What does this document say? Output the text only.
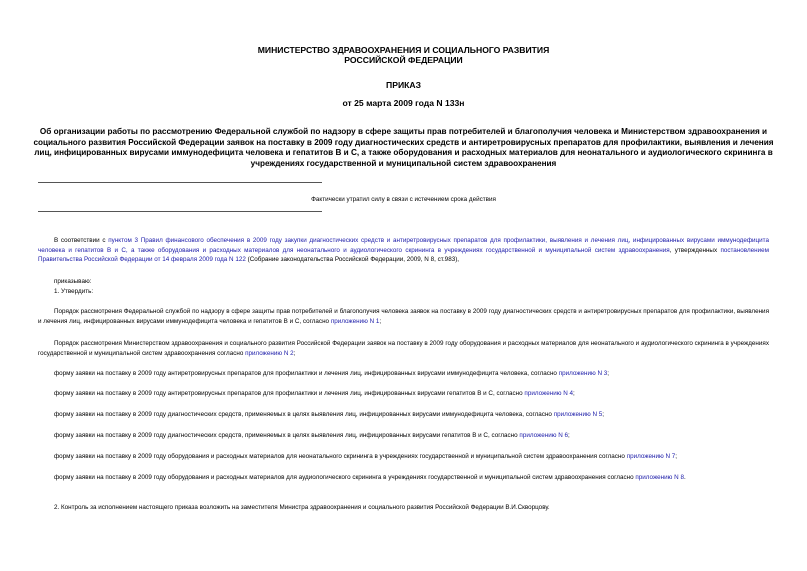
МИНИСТЕРСТВО ЗДРАВООХРАНЕНИЯ И СОЦИАЛЬНОГО РАЗВИТИЯ
РОССИЙСКОЙ ФЕДЕРАЦИИ
ПРИКАЗ
от 25 марта 2009 года N 133н
Об организации работы по рассмотрению Федеральной службой по надзору в сфере защиты прав потребителей и благополучия человека и Министерством здравоохранения и социального развития Российской Федерации заявок на поставку в 2009 году диагностических средств и антиретровирусных препаратов для профилактики, выявления и лечения лиц, инфицированных вирусами иммунодефицита человека и гепатитов В и С, а также оборудования и расходных материалов для неонатального и аудиологического скрининга в учреждениях государственной и муниципальной систем здравоохранения
Фактически утратил силу в связи с истечением срока действия

В соответствии с пунктом 3 Правил финансового обеспечения в 2009 году закупки диагностических средств и антиретровирусных препаратов для профилактики, выявления и лечения лиц, инфицированных вирусами иммунодефицита человека и гепатитов В и С, а также оборудования и расходных материалов для неонатального и аудиологического скрининга в учреждениях государственной и муниципальной систем здравоохранения, утвержденных постановлением Правительства Российской Федерации от 14 февраля 2009 года N 122 (Собрание законодательства Российской Федерации, 2009, N 8, ст.983),

приказываю:

1. Утвердить:

Порядок рассмотрения Федеральной службой по надзору в сфере защиты прав потребителей и благополучия человека заявок на поставку в 2009 году диагностических средств и антиретровирусных препаратов для профилактики, выявления и лечения лиц, инфицированных вирусами иммунодефицита человека и гепатитов В и С, согласно приложению N 1;

Порядок рассмотрения Министерством здравоохранения и социального развития Российской Федерации заявок на поставку в 2009 году оборудования и расходных материалов для неонатального и аудиологического скрининга в учреждениях государственной и муниципальной систем здравоохранения согласно приложению N 2;

форму заявки на поставку в 2009 году антиретровирусных препаратов для профилактики и лечения лиц, инфицированных вирусами иммунодефицита человека, согласно приложению N 3;

форму заявки на поставку в 2009 году антиретровирусных препаратов для профилактики и лечения лиц, инфицированных вирусами гепатитов В и С, согласно приложению N 4;

форму заявки на поставку в 2009 году диагностических средств, применяемых в целях выявления лиц, инфицированных вирусами иммунодефицита человека, согласно приложению N 5;

форму заявки на поставку в 2009 году диагностических средств, применяемых в целях выявления лиц, инфицированных вирусами гепатитов В и С, согласно приложению N 6;

форму заявки на поставку в 2009 году оборудования и расходных материалов для неонатального скрининга в учреждениях государственной и муниципальной систем здравоохранения согласно приложению N 7;

форму заявки на поставку в 2009 году оборудования и расходных материалов для аудиологического скрининга в учреждениях государственной и муниципальной систем здравоохранения согласно приложению N 8.

2. Контроль за исполнением настоящего приказа возложить на заместителя Министра здравоохранения и социального развития Российской Федерации В.И.Скворцову.
